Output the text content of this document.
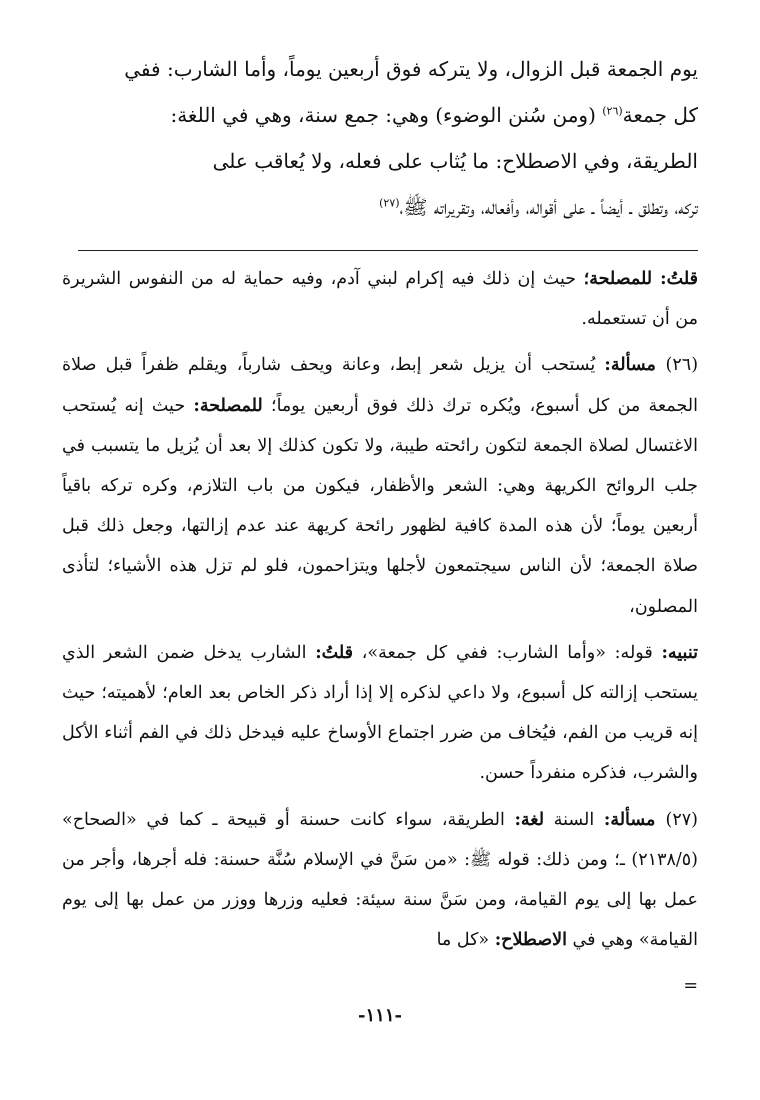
يوم الجمعة قبل الزوال، ولا يتركه فوق أربعين يوماً، وأما الشارب: ففي

كل جمعة$^{(٢٦)}$ (ومن سُنن الوضوء) وهي: جمع سنة، وهي في اللغة:

الطريقة، وفي الاصطلاح: ما يُثاب على فعله، ولا يُعاقب على

تركه، وتطلق ـ أيضاً ـ على أقواله، وأفعاله، وتقريراته ﷺ،$^{(٢٧)}$

قلتُ: للمصلحة؛ حيث إن ذلك فيه إكرام لبني آدم، وفيه حماية له من النفوس الشريرة من أن تستعمله.

(٢٦) مسألة: يُستحب أن يزيل شعر إبط، وعانة ويحف شارباً، ويقلم ظفراً قبل صلاة الجمعة من كل أسبوع، ويُكره ترك ذلك فوق أربعين يوماً؛ للمصلحة: حيث إنه يُستحب الاغتسال لصلاة الجمعة لتكون رائحته طيبة، ولا تكون كذلك إلا بعد أن يُزيل ما يتسبب في جلب الروائح الكريهة وهي: الشعر والأظفار، فيكون من باب التلازم، وكره تركه باقياً أربعين يوماً؛ لأن هذه المدة كافية لظهور رائحة كريهة عند عدم إزالتها، وجعل ذلك قبل صلاة الجمعة؛ لأن الناس سيجتمعون لأجلها ويتزاحمون، فلو لم تزل هذه الأشياء؛ لتأذى المصلون،

تنبيه: قوله: «وأما الشارب: ففي كل جمعة»، قلتُ: الشارب يدخل ضمن الشعر الذي يستحب إزالته كل أسبوع، ولا داعي لذكره إلا إذا أراد ذكر الخاص بعد العام؛ لأهميته؛ حيث إنه قريب من الفم، فيُخاف من ضرر اجتماع الأوساخ عليه فيدخل ذلك في الفم أثناء الأكل والشرب، فذكره منفرداً حسن.

(٢٧) مسألة: السنة لغة: الطريقة، سواء كانت حسنة أو قبيحة ـ كما في «الصحاح» (٢١٣٨/٥) ـ؛ ومن ذلك: قوله ﷺ: «من سَنَّ في الإسلام سُنَّة حسنة: فله أجرها، وأجر من عمل بها إلى يوم القيامة، ومن سَنَّ سنة سيئة: فعليه وزرها ووزر من عمل بها إلى يوم القيامة» وهي في الاصطلاح: «كل ما

=

-١١١-
